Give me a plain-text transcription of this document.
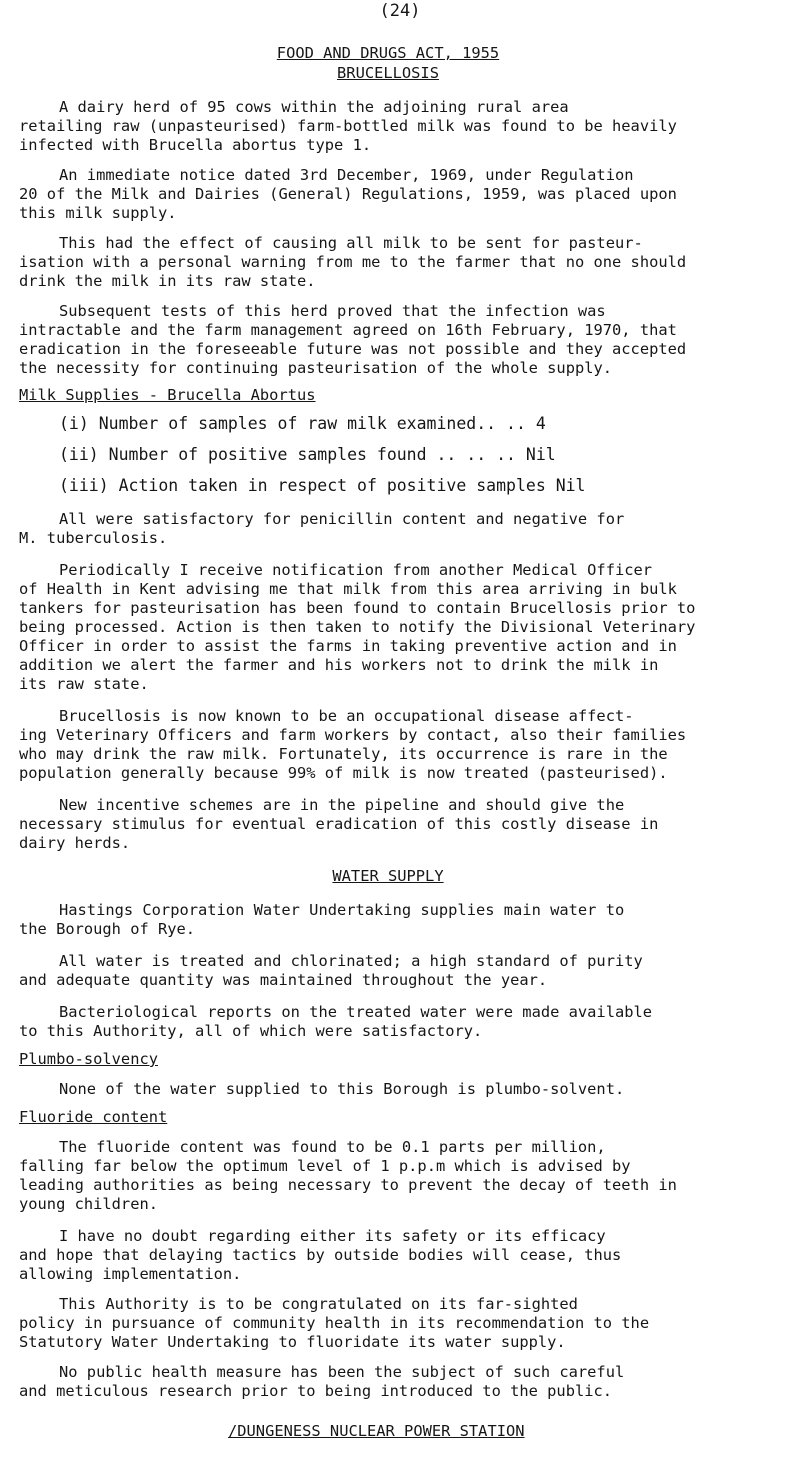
(24)
FOOD AND DRUGS ACT, 1955
BRUCELLOSIS
A dairy herd of 95 cows within the adjoining rural area
retailing raw (unpasteurised) farm-bottled milk was found to be heavily
infected with Brucella abortus type 1.
An immediate notice dated 3rd December, 1969, under Regulation
20 of the Milk and Dairies (General) Regulations, 1959, was placed upon
this milk supply.
This had the effect of causing all milk to be sent for pasteur-
isation with a personal warning from me to the farmer that no one should
drink the milk in its raw state.
Subsequent tests of this herd proved that the infection was
intractable and the farm management agreed on 16th February, 1970, that
eradication in the foreseeable future was not possible and they accepted
the necessity for continuing pasteurisation of the whole supply.
Milk Supplies - Brucella Abortus
(i) Number of samples of raw milk examined.. .. 4
(ii) Number of positive samples found .. .. .. Nil
(iii) Action taken in respect of positive samples Nil
All were satisfactory for penicillin content and negative for
M. tuberculosis.
Periodically I receive notification from another Medical Officer
of Health in Kent advising me that milk from this area arriving in bulk
tankers for pasteurisation has been found to contain Brucellosis prior to
being processed. Action is then taken to notify the Divisional Veterinary
Officer in order to assist the farms in taking preventive action and in
addition we alert the farmer and his workers not to drink the milk in
its raw state.
Brucellosis is now known to be an occupational disease affect-
ing Veterinary Officers and farm workers by contact, also their families
who may drink the raw milk. Fortunately, its occurrence is rare in the
population generally because 99% of milk is now treated (pasteurised).
New incentive schemes are in the pipeline and should give the
necessary stimulus for eventual eradication of this costly disease in
dairy herds.
WATER SUPPLY
Hastings Corporation Water Undertaking supplies main water to
the Borough of Rye.
All water is treated and chlorinated; a high standard of purity
and adequate quantity was maintained throughout the year.
Bacteriological reports on the treated water were made available
to this Authority, all of which were satisfactory.
Plumbo-solvency
None of the water supplied to this Borough is plumbo-solvent.
Fluoride content
The fluoride content was found to be 0.1 parts per million,
falling far below the optimum level of 1 p.p.m which is advised by
leading authorities as being necessary to prevent the decay of teeth in
young children.
I have no doubt regarding either its safety or its efficacy
and hope that delaying tactics by outside bodies will cease, thus
allowing implementation.
This Authority is to be congratulated on its far-sighted
policy in pursuance of community health in its recommendation to the
Statutory Water Undertaking to fluoridate its water supply.
No public health measure has been the subject of such careful
and meticulous research prior to being introduced to the public.
/DUNGENESS NUCLEAR POWER STATION
